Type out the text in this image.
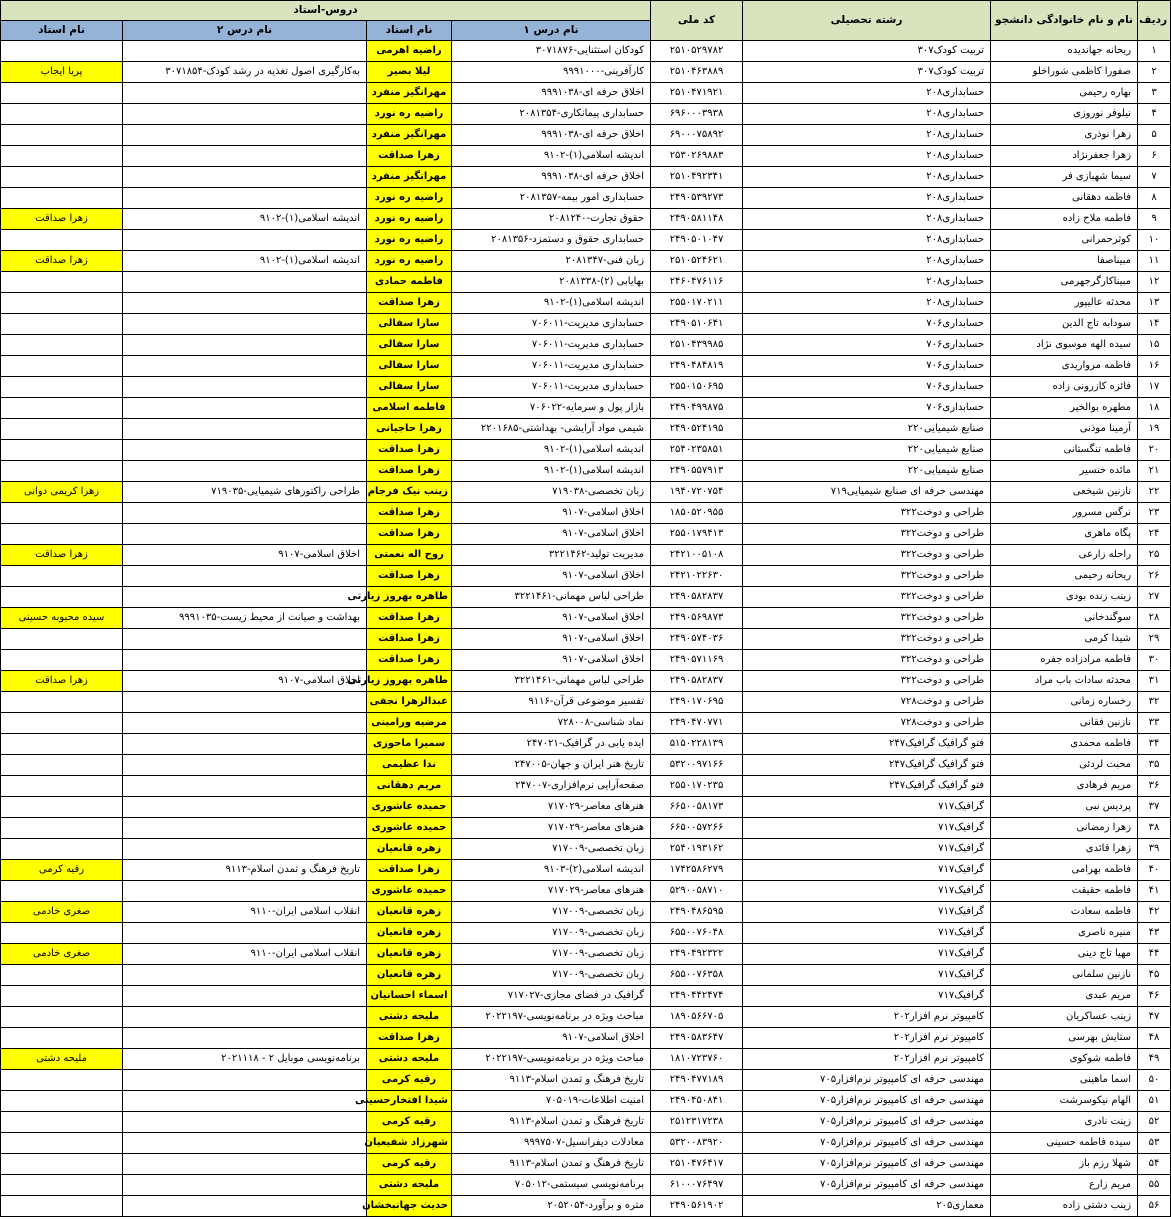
دروس-استاد				کد ملی	رشته تحصیلی	نام و نام خانوادگی دانشجو	ردیف
نام استاد	نام درس ۲	نام استاد	نام درس ۱				
		راضیه اهرمی	کودکان استثنایی-۳۰۷۱۸۷۶	۲۵۱۰۵۲۹۷۸۲	تربیت کودک۳۰۷	ریحانه جهاندیده	۱
پریا ایجاب	به‌کارگیری اصول تغذیه در رشد کودک-۳۰۷۱۸۵۴	لیلا بصیر	کارآفرینی-۹۹۹۱۰۰۰	۲۵۱۰۴۶۳۸۸۹	تربیت کودک۳۰۷	صفورا کاظمی شوراخلو	۲
		مهرانگیز منفرد	اخلاق حرفه ای-۹۹۹۱۰۳۸	۲۵۱۰۴۷۱۹۲۱	حسابداری۲۰۸	بهاره رحیمی	۳
		راضیه ره نورد	حسابداری پیمانکاری-۲۰۸۱۳۵۴	۶۹۶۰۰۰۳۹۳۸	حسابداری۲۰۸	نیلوفر نوروزی	۴
		مهرانگیز منفرد	اخلاق حرفه ای-۹۹۹۱۰۳۸	۶۹۰۰۰۷۵۸۹۲	حسابداری۲۰۸	زهرا نوذری	۵
		زهرا صداقت	اندیشه اسلامی(۱)-۹۱۰۲	۲۵۳۰۲۶۹۸۸۳	حسابداری۲۰۸	زهرا جعفرنژاد	۶
		مهرانگیز منفرد	اخلاق حرفه ای-۹۹۹۱۰۳۸	۲۵۱۰۴۹۲۳۴۱	حسابداری۲۰۸	سیما شهبازی فر	۷
		راضیه ره نورد	حسابداری امور بیمه-۲۰۸۱۳۵۷	۲۴۹۰۵۳۹۲۷۳	حسابداری۲۰۸	فاطمه دهقانی	۸
زهرا صداقت	اندیشه اسلامی(۱)-۹۱۰۲	راضیه ره نورد	حقوق تجارت-۲۰۸۱۲۴۰	۲۴۹۰۵۸۱۱۴۸	حسابداری۲۰۸	فاطمه ملاح زاده	۹
		راضیه ره نورد	حسابداری حقوق و دستمزد-۲۰۸۱۳۵۶	۲۴۹۰۵۰۱۰۴۷	حسابداری۲۰۸	کوثرحمرانی	۱۰
زهرا صداقت	اندیشه اسلامی(۱)-۹۱۰۲	راضیه ره نورد	زبان فنی-۲۰۸۱۳۴۷	۲۵۱۰۵۲۴۶۲۱	حسابداری۲۰۸	مبیناصفا	۱۱
		فاطمه حمادی	بهایابی (۲)-۲۰۸۱۳۳۸	۲۴۶۰۴۷۶۱۱۶	حسابداری۲۰۸	مبیناکارگرجهرمی	۱۲
		زهرا صداقت	اندیشه اسلامی(۱)-۹۱۰۲	۲۵۵۰۱۷۰۲۱۱	حسابداری۲۰۸	محدثه عالیپور	۱۳
		سارا سفالی	حسابداری مدیریت-۷۰۶۰۱۱	۲۴۹۰۵۱۰۶۴۱	حسابداری۷۰۶	سودابه تاج الدین	۱۴
		سارا سفالی	حسابداری مدیریت-۷۰۶۰۱۱	۲۵۱۰۴۳۹۹۸۵	حسابداری۷۰۶	سیده الهه موسوی نژاد	۱۵
		سارا سفالی	حسابداری مدیریت-۷۰۶۰۱۱	۲۴۹۰۴۸۴۸۱۹	حسابداری۷۰۶	فاطمه مرواریدی	۱۶
		سارا سفالی	حسابداری مدیریت-۷۰۶۰۱۱	۲۵۵۰۱۵۰۶۹۵	حسابداری۷۰۶	فائزه کازرونی زاده	۱۷
		فاطمه اسلامی	بازار پول و سرمایه-۷۰۶۰۲۲	۲۴۹۰۴۹۹۸۷۵	حسابداری۷۰۶	مطهره بوالخیر	۱۸
		زهرا حاجیانی	شیمی مواد آرایشی- بهداشتی-۲۲۰۱۶۸۵	۲۴۹۰۵۲۴۱۹۵	صنایع شیمیایی۲۲۰	آرمینا موذنی	۱۹
		زهرا صداقت	اندیشه اسلامی(۱)-۹۱۰۲	۲۵۴۰۲۳۵۸۵۱	صنایع شیمیایی۲۲۰	فاطمه تنگستانی	۲۰
		زهرا صداقت	اندیشه اسلامی(۱)-۹۱۰۲	۲۴۹۰۵۵۷۹۱۳	صنایع شیمیایی۲۲۰	مائده خنسیر	۲۱
زهرا کریمی دوانی	طراحی راکتورهای شیمیایی-۷۱۹۰۳۵	زینب نیک فرجام	زبان تخصصی-۷۱۹۰۳۸	۱۹۴۰۷۲۰۷۵۴	مهندسی حرفه ای صنایع شیمیایی۷۱۹	نازنین شیخعی	۲۲
		زهرا صداقت	اخلاق اسلامی-۹۱۰۷	۱۸۵۰۵۲۰۹۵۵	طراحی و دوخت۳۲۲	نرگس مسرور	۲۳
		زهرا صداقت	اخلاق اسلامی-۹۱۰۷	۲۵۵۰۱۷۹۴۱۳	طراحی و دوخت۳۲۲	پگاه ماهری	۲۴
زهرا صداقت	اخلاق اسلامی-۹۱۰۷	روح اله نعمتی	مدیریت تولید-۳۲۲۱۴۶۲	۲۴۲۱۰۰۵۱۰۸	طراحی و دوخت۳۲۲	راحله زارعی	۲۵
		زهرا صداقت	اخلاق اسلامی-۹۱۰۷	۲۴۲۱۰۲۲۶۳۰	طراحی و دوخت۳۲۲	ریحانه رحیمی	۲۶
		طاهره بهروز زیارتی	طراحی لباس مهمانی-۳۲۲۱۴۶۱	۲۴۹۰۵۸۲۸۳۷	طراحی و دوخت۳۲۲	زینب زنده بودی	۲۷
سیده محبوبه حسینی	بهداشت و صیانت از محیط زیست-۹۹۹۱۰۳۵	زهرا صداقت	اخلاق اسلامی-۹۱۰۷	۲۴۹۰۵۶۹۸۷۳	طراحی و دوخت۳۲۲	سوگندخانی	۲۸
		زهرا صداقت	اخلاق اسلامی-۹۱۰۷	۲۴۹۰۵۷۴۰۳۶	طراحی و دوخت۳۲۲	شیدا کرمی	۲۹
		زهرا صداقت	اخلاق اسلامی-۹۱۰۷	۲۴۹۰۵۷۱۱۶۹	طراحی و دوخت۳۲۲	فاطمه مرادزاده جفره	۳۰
زهرا صداقت	اخلاق اسلامی-۹۱۰۷	طاهره بهروز زیارتی	طراحی لباس مهمانی-۳۲۲۱۴۶۱	۲۴۹۰۵۸۲۸۳۷	طراحی و دوخت۳۲۲	محدثه سادات باب مراد	۳۱
		عبدالزهرا نجفی	تفسیر موضوعی قرآن-۹۱۱۶	۲۴۹۰۱۷۰۶۹۵	طراحی و دوخت۷۲۸	رخساره زمانی	۳۲
		مرضیه ورامینی	نماد شناسی-۷۲۸۰۰۸	۲۴۹۰۴۷۰۷۷۱	طراحی و دوخت۷۲۸	نازنین فقانی	۳۳
		سمیرا ماحوزی	ایده یابی در گرافیک-۲۴۷۰۲۱	۵۱۵۰۲۲۸۱۳۹	فتو گرافیک گرافیک۲۴۷	فاطمه محمدی	۳۴
		ندا عظیمی	تاریخ هنر ایران و جهان-۲۴۷۰۰۵	۵۳۲۰۰۹۷۱۶۶	فتو گرافیک گرافیک۲۴۷	محبت لردئی	۳۵
		مریم دهقانی	صفحه‌آرایی نرم‌افزاری-۲۴۷۰۰۷	۲۵۵۰۱۷۰۲۳۵	فتو گرافیک گرافیک۲۴۷	مریم فرهادی	۳۶
		حمیده عاشوری	هنرهای معاصر-۷۱۷۰۲۹	۶۶۵۰۰۵۸۱۷۳	گرافیک۷۱۷	پردیس نبی	۳۷
		حمیده عاشوری	هنرهای معاصر-۷۱۷۰۲۹	۶۶۵۰۰۵۷۲۶۶	گرافیک۷۱۷	زهرا رمضانی	۳۸
		زهره قانعیان	زبان تخصصی-۷۱۷۰۰۹	۲۵۴۰۱۹۳۱۶۲	گرافیک۷۱۷	زهرا قائدی	۳۹
رقیه کرمی	تاریخ فرهنگ و تمدن اسلام-۹۱۱۳	زهرا صداقت	اندیشه اسلامی(۲)-۹۱۰۳	۱۷۴۲۵۸۶۲۷۹	گرافیک۷۱۷	فاطمه بهرامی	۴۰
		حمیده عاشوری	هنرهای معاصر-۷۱۷۰۲۹	۵۲۹۰۰۵۸۷۱۰	گرافیک۷۱۷	فاطمه حقیقت	۴۱
صغری خادمی	انقلاب اسلامی ایران-۹۱۱۰	زهره قانعیان	زبان تخصصی-۷۱۷۰۰۹	۲۴۹۰۴۸۶۵۹۵	گرافیک۷۱۷	فاطمه سعادت	۴۲
		زهره قانعیان	زبان تخصصی-۷۱۷۰۰۹	۶۵۵۰۰۷۶۰۴۸	گرافیک۷۱۷	منیره ناصری	۴۳
صغری خادمی	انقلاب اسلامی ایران-۹۱۱۰	زهره قانعیان	زبان تخصصی-۷۱۷۰۰۹	۲۴۹۰۴۹۲۳۲۲	گرافیک۷۱۷	مهیا تاج دینی	۴۴
		زهره قانعیان	زبان تخصصی-۷۱۷۰۰۹	۶۵۵۰۰۷۶۳۵۸	گرافیک۷۱۷	نازنین سلمانی	۴۵
		اسماء احسانیان	گرافیک در فضای مجازی-۷۱۷۰۲۷	۲۴۹۰۴۴۲۴۷۴	گرافیک۷۱۷	مریم عبدی	۴۶
		ملیحه دشتی	مباحث ویژه در برنامه‌نویسی-۲۰۲۲۱۹۷	۱۸۹۰۵۶۶۷۰۵	کامپیوتر نرم افزار۲۰۲	زینب عساکریان	۴۷
		زهرا صداقت	اخلاق اسلامی-۹۱۰۷	۲۴۹۰۵۸۳۶۴۷	کامپیوتر نرم افزار۲۰۲	ستایش بهرسی	۴۸
ملیحه دشتی	برنامه‌نویسی موبایل ۲ - ۲۰۲۱۱۱۸	ملیحه دشتی	مباحث ویژه در برنامه‌نویسی-۲۰۲۲۱۹۷	۱۸۱۰۷۲۳۷۶۰	کامپیوتر نرم افزار۲۰۲	فاطمه شوکوی	۴۹
		رقیه کرمی	تاریخ فرهنگ و تمدن اسلام-۹۱۱۳	۲۴۹۰۴۷۷۱۸۹	مهندسی حرفه ای کامپیوتر نرم‌افزار۷۰۵	اسما ماهینی	۵۰
		شیدا افتخارحسینی	امنیت اطلاعات-۷۰۵۰۱۹	۲۴۹۰۴۵۰۸۴۱	مهندسی حرفه ای کامپیوتر نرم‌افزار۷۰۵	الهام نیکوسرشت	۵۱
		رقیه کرمی	تاریخ فرهنگ و تمدن اسلام-۹۱۱۳	۲۵۱۲۳۱۷۲۳۸	مهندسی حرفه ای کامپیوتر نرم‌افزار۷۰۵	زینت نادری	۵۲
		شهرزاد شفیعیان	معادلات دیفرانسیل-۹۹۹۷۵۰۷	۵۳۲۰۰۸۳۹۲۰	مهندسی حرفه ای کامپیوتر نرم‌افزار۷۰۵	سیده فاطمه حسینی	۵۳
		رقیه کرمی	تاریخ فرهنگ و تمدن اسلام-۹۱۱۳	۲۵۱۰۴۷۶۴۱۷	مهندسی حرفه ای کامپیوتر نرم‌افزار۷۰۵	شهلا رزم باز	۵۴
		ملیحه دشتی	برنامه‌نویسی سیستمی-۷۰۵۰۱۲	۶۱۰۰۰۷۶۴۹۷	مهندسی حرفه ای کامپیوتر نرم‌افزار۷۰۵	مریم زارع	۵۵
		حدیث جهانبخشان	متره و برآورد-۲۰۵۲۰۵۴	۲۴۹۰۵۶۱۹۰۲	معماری۲۰۵	زینب دشتی زاده	۵۶
